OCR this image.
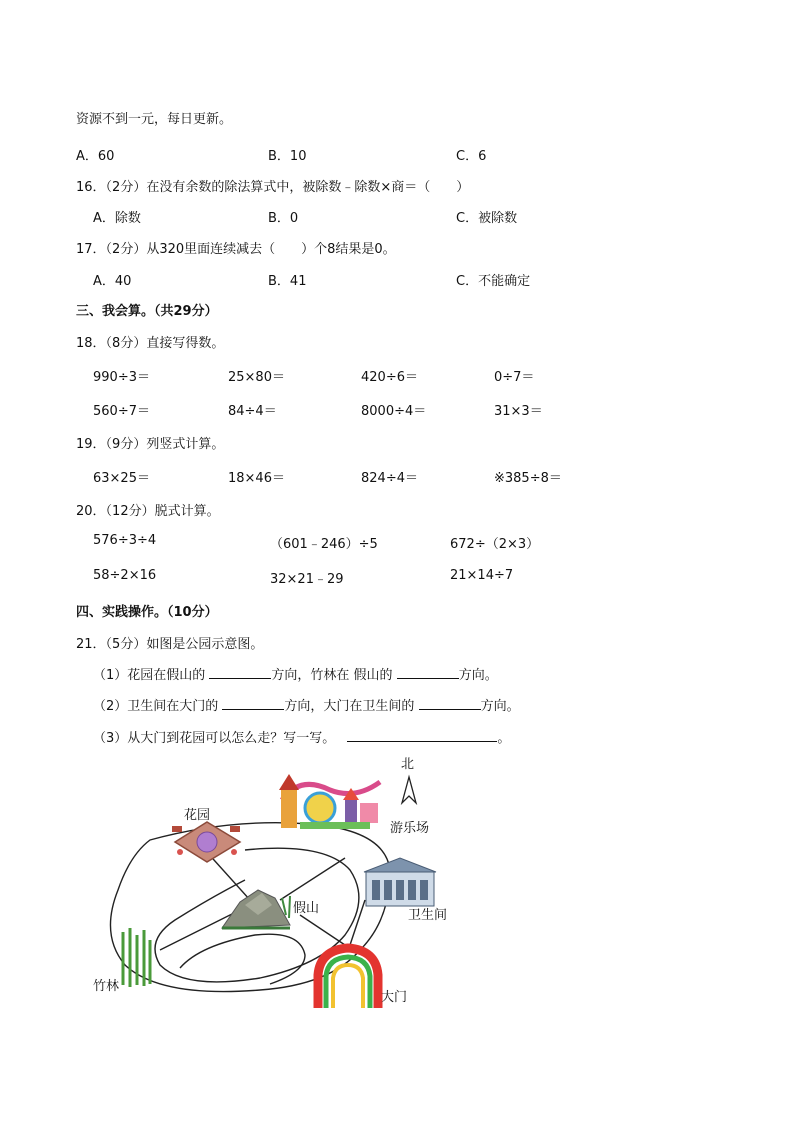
资源不到一元，每日更新。
A．60	B．10	C．6
16．（2分）在没有余数的除法算式中，被除数﹣除数×商＝（　　）
A．除数	B．0	C．被除数
17．（2分）从320里面连续减去（　　）个8结果是0。
A．40	B．41	C．不能确定
三、我会算。（共29分）
18．（8分）直接写得数。
990÷3＝	25×80＝	420÷6＝	0÷7＝
560÷7＝	84÷4＝	8000÷4＝	31×3＝
19．（9分）列竖式计算。
63×25＝	18×46＝	824÷4＝	※385÷8＝
20．（12分）脱式计算。
576÷3÷4	（601﹣246）÷5	672÷（2×3）
58÷2×16	32×21﹣29	21×14÷7
四、实践操作。（10分）
21．（5分）如图是公园示意图。
（1）花园在假山的	方向，竹林在 假山的	方向。
（2）卫生间在大门的	方向，大门在卫生间的	方向。
（3）从大门到花园可以怎么走？写一写。	。
北
游乐场
花园
卫生间
假山
竹林
大门
